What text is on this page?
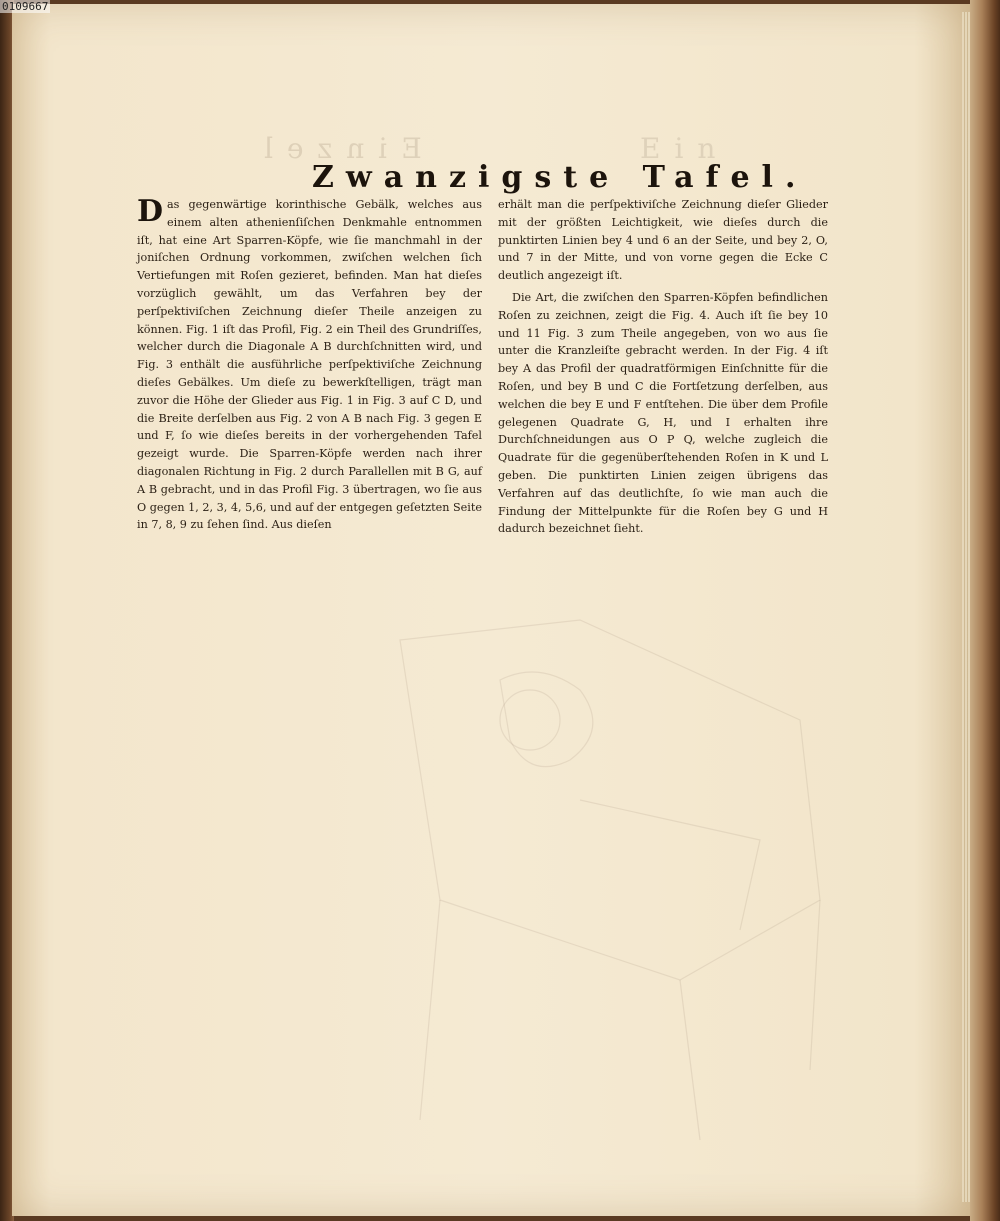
0109667
Einzel	Ein
Zwanzigste Tafel.
D as gegenwärtige korinthische Gebälk, welches aus einem alten athenienſiſchen Denkmahle entnommen iſt, hat eine Art Sparren-Köpfe, wie ſie manchmahl in der joniſchen Ordnung vorkommen, zwiſchen welchen ſich Vertiefungen mit Roſen gezieret, befinden. Man hat dieſes vorzüglich gewählt, um das Verfahren bey der perſpektiviſchen Zeichnung dieſer Theile anzeigen zu können. Fig. 1 iſt das Profil, Fig. 2 ein Theil des Grundriſſes, welcher durch die Diagonale A B durchſchnitten wird, und Fig. 3 enthält die ausführliche perſpektiviſche Zeichnung dieſes Gebälkes. Um dieſe zu bewerkſtelligen, trägt man zuvor die Höhe der Glieder aus Fig. 1 in Fig. 3 auf C D, und die Breite derſelben aus Fig. 2 von A B nach Fig. 3 gegen E und F, ſo wie dieſes bereits in der vorhergehenden Tafel gezeigt wurde. Die Sparren-Köpfe werden nach ihrer diagonalen Richtung in Fig. 2 durch Parallellen mit B G, auf A B gebracht, und in das Profil Fig. 3 übertragen, wo ſie aus O gegen 1, 2, 3, 4, 5,6, und auf der entgegen geſetzten Seite in 7, 8, 9 zu ſehen ſind. Aus dieſen

erhält man die perſpektiviſche Zeichnung dieſer Glieder mit der größten Leichtigkeit, wie dieſes durch die punktirten Linien bey 4 und 6 an der Seite, und bey 2, O, und 7 in der Mitte, und von vorne gegen die Ecke C deutlich angezeigt iſt.

Die Art, die zwiſchen den Sparren-Köpfen befindlichen Roſen zu zeichnen, zeigt die Fig. 4. Auch iſt ſie bey 10 und 11 Fig. 3 zum Theile angegeben, von wo aus ſie unter die Kranzleiſte gebracht werden. In der Fig. 4 iſt bey A das Profil der quadratförmigen Einſchnitte für die Roſen, und bey B und C die Fortſetzung derſelben, aus welchen die bey E und F entſtehen. Die über dem Profile gelegenen Quadrate G, H, und I erhalten ihre Durchſchneidungen aus O P Q, welche zugleich die Quadrate für die gegenüberſtehenden Roſen in K und L geben. Die punktirten Linien zeigen übrigens das Verfahren auf das deutlichſte, ſo wie man auch die Findung der Mittelpunkte für die Roſen bey G und H dadurch bezeichnet ſieht.
